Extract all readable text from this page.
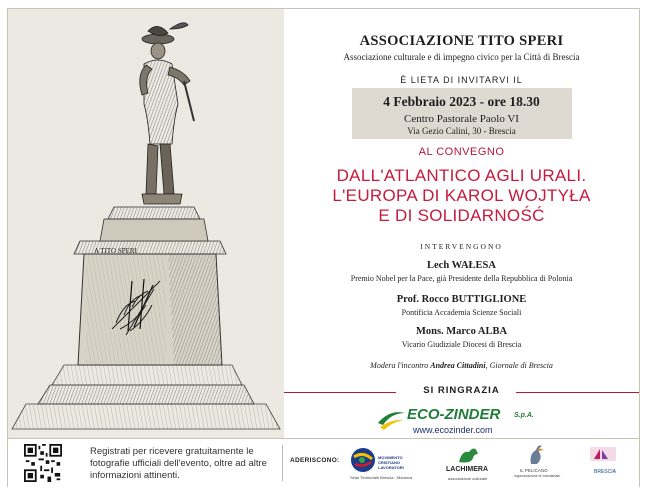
A TITO SPERI
ASSOCIAZIONE TITO SPERI
Associazione culturale e di impegno civico per la Città di Brescia
È LIETA DI INVITARVI IL
4 Febbraio 2023 - ore 18.30
Centro Pastorale Paolo VI
Via Gezio Calini, 30 - Brescia
AL CONVEGNO
DALL'ATLANTICO AGLI URALI.
L'EUROPA DI KAROL WOJTYŁA
E DI SOLIDARNOŚĆ
INTERVENGONO
Lech WAŁESA
Premio Nobel per la Pace, già Presidente della Repubblica di Polonia
Prof. Rocco BUTTIGLIONE
Pontificia Accademia Scienze Sociali
Mons. Marco ALBA
Vicario Giudiziale Diocesi di Brescia
Modera l'incontro Andrea Cittadini, Giornale di Brescia
SI RINGRAZIA
ECO-ZINDER S.p.A.
www.ecozinder.com
Registrati per ricevere gratuitamente le fotografie ufficiali dell'evento, oltre ad altre informazioni attinenti.
ADERISCONO:	MOVIMENTO CRISTIANO LAVORATORI
Sede Territoriale Brescia - Mantova
LACHIMERA
associazione culturale
IL PELICANO
organizzazione di volontariato
BRESCIA
